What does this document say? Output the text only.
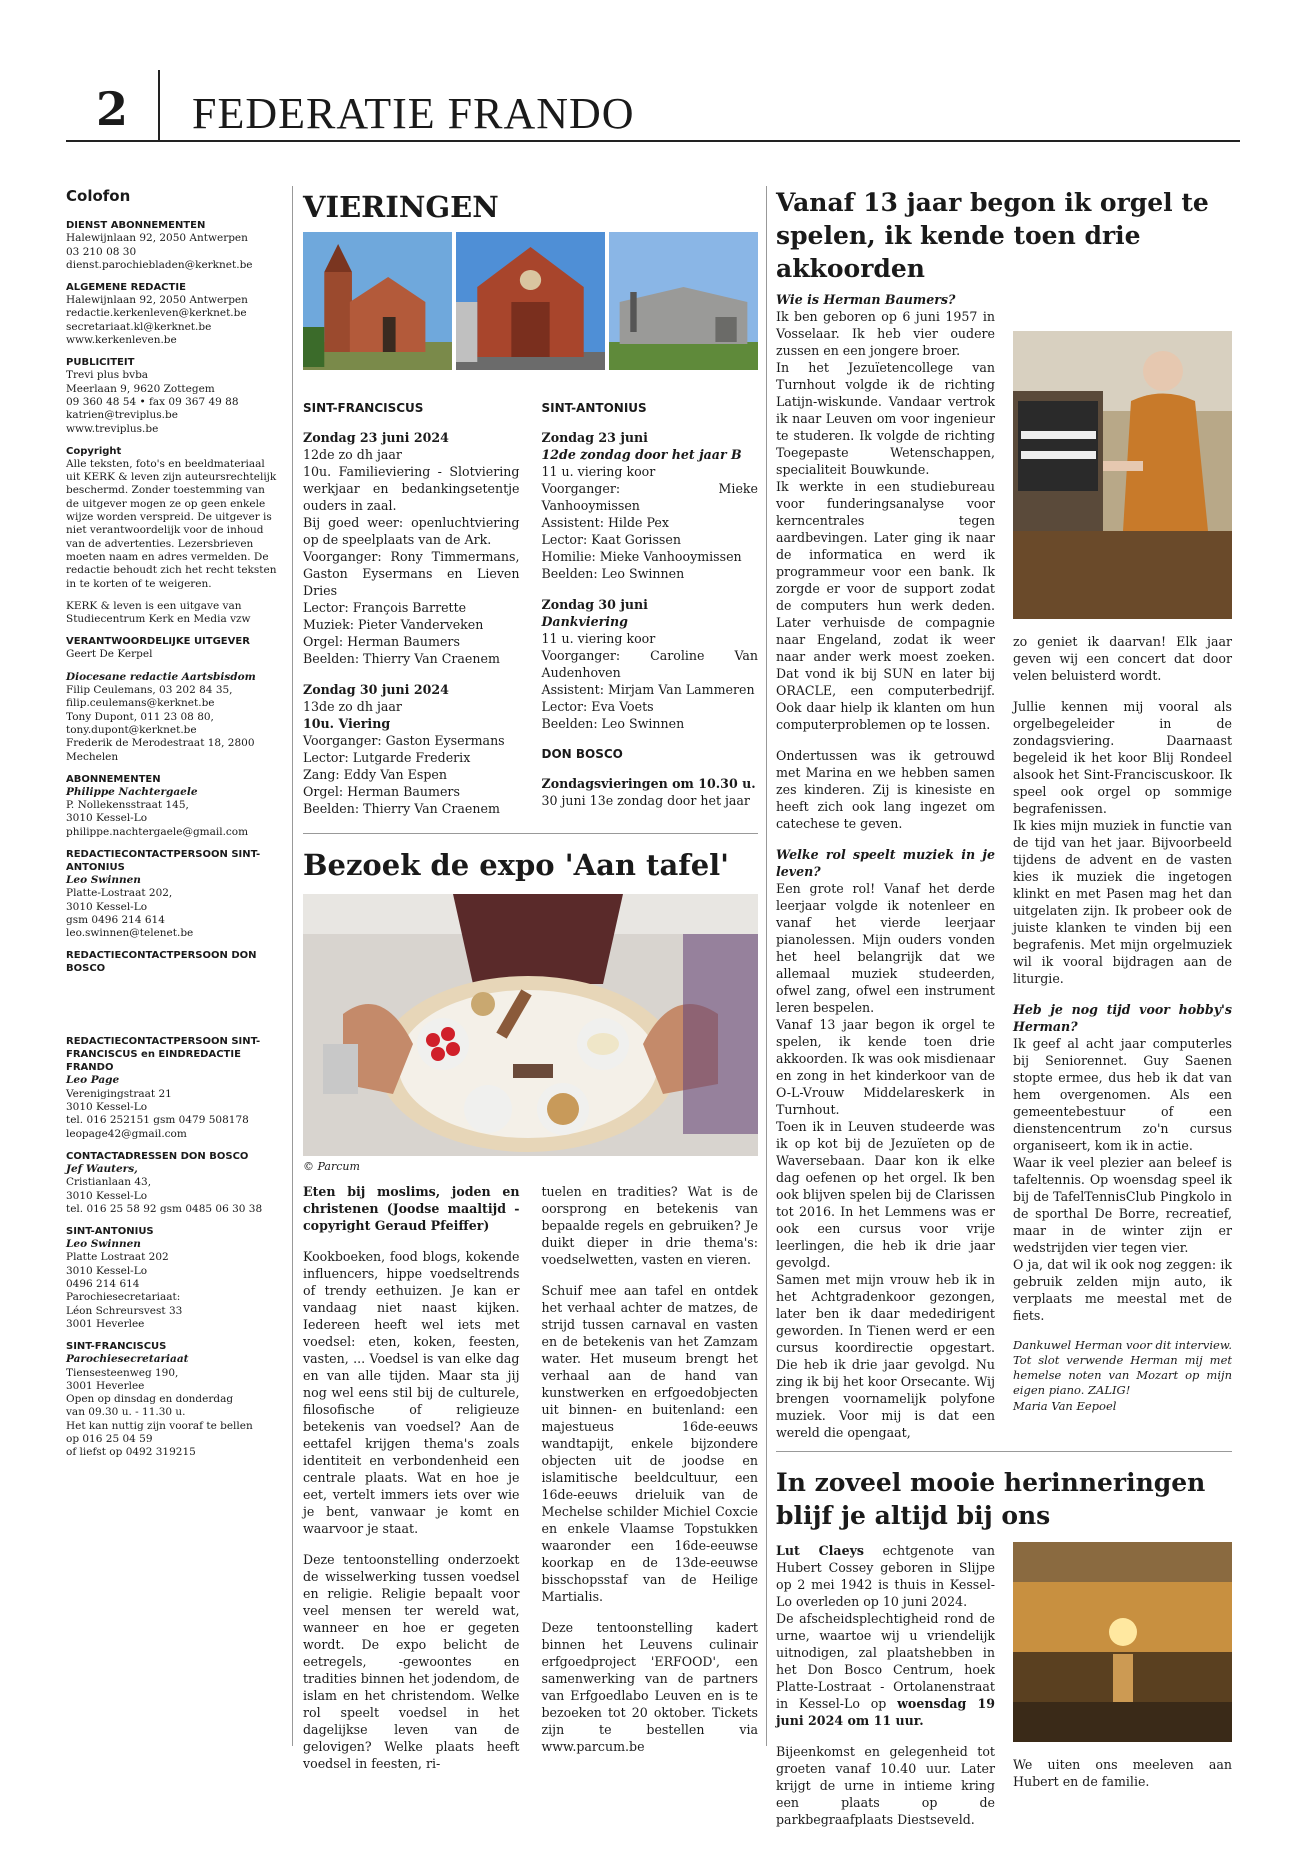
2 FEDERATIE FRANDO
Colofon
DIENST ABONNEMENTEN
Halewijnlaan 92, 2050 Antwerpen
03 210 08 30
dienst.parochiebladen@kerknet.be
ALGEMENE REDACTIE
Halewijnlaan 92, 2050 Antwerpen
redactie.kerkenleven@kerknet.be
secretariaat.kl@kerknet.be
www.kerkenleven.be
PUBLICITEIT
Trevi plus bvba
Meerlaan 9, 9620 Zottegem
09 360 48 54 • fax 09 367 49 88
katrien@treviplus.be
www.treviplus.be
Copyright
Alle teksten, foto's en beeldmateriaal uit KERK & leven zijn auteursrechtelijk beschermd. Zonder toestemming van de uitgever mogen ze op geen enkele wijze worden verspreid. De uitgever is niet verantwoordelijk voor de inhoud van de advertenties. Lezersbrieven moeten naam en adres vermelden. De redactie behoudt zich het recht teksten in te korten of te weigeren.
KERK & leven is een uitgave van Studiecentrum Kerk en Media vzw
VERANTWOORDELIJKE UITGEVER
Geert De Kerpel
Diocesane redactie Aartsbisdom
Filip Ceulemans, 03 202 84 35,
filip.ceulemans@kerknet.be
Tony Dupont, 011 23 08 80,
tony.dupont@kerknet.be
Frederik de Merodestraat 18, 2800 Mechelen
ABONNEMENTEN
Philippe Nachtergaele
P. Nollekensstraat 145,
3010 Kessel-Lo
philippe.nachtergaele@gmail.com
REDACTIECONTACTPERSOON SINT-ANTONIUS
Leo Swinnen
Platte-Lostraat 202,
3010 Kessel-Lo
gsm 0496 214 614
leo.swinnen@telenet.be
REDACTIECONTACTPERSOON DON BOSCO
REDACTIECONTACTPERSOON SINT-FRANCISCUS en EINDREDACTIE FRANDO
Leo Page
Verenigingstraat 21
3010 Kessel-Lo
tel. 016 252151 gsm 0479 508178
leopage42@gmail.com
CONTACTADRESSEN DON BOSCO
Jef Wauters,
Cristianlaan 43,
3010 Kessel-Lo
tel. 016 25 58 92 gsm 0485 06 30 38
SINT-ANTONIUS
Leo Swinnen
Platte Lostraat 202
3010 Kessel-Lo
0496 214 614
Parochiesecretariaat:
Léon Schreursvest 33
3001 Heverlee
SINT-FRANCISCUS
Parochiesecretariaat
Tiensesteenweg 190,
3001 Heverlee
Open op dinsdag en donderdag
van 09.30 u. - 11.30 u.
Het kan nuttig zijn vooraf te bellen
op 016 25 04 59
of liefst op 0492 319215
VIERINGEN
SINT-FRANCISCUS
Zondag 23 juni 2024
12de zo dh jaar
10u. Familieviering - Slotviering werkjaar en bedankingsetentje ouders in zaal.
Bij goed weer: openluchtviering op de speelplaats van de Ark.
Voorganger: Rony Timmermans, Gaston Eysermans en Lieven Dries
Lector: François Barrette
Muziek: Pieter Vanderveken
Orgel: Herman Baumers
Beelden: Thierry Van Craenem
Zondag 30 juni 2024
13de zo dh jaar
10u. Viering
Voorganger: Gaston Eysermans
Lector: Lutgarde Frederix
Zang: Eddy Van Espen
Orgel: Herman Baumers
Beelden: Thierry Van Craenem
SINT-ANTONIUS
Zondag 23 juni
12de zondag door het jaar B
11 u. viering koor
Voorganger: Mieke Vanhooymissen
Assistent: Hilde Pex
Lector: Kaat Gorissen
Homilie: Mieke Vanhooymissen
Beelden: Leo Swinnen
Zondag 30 juni
Dankviering
11 u. viering koor
Voorganger: Caroline Van Audenhoven
Assistent: Mirjam Van Lammeren
Lector: Eva Voets
Beelden: Leo Swinnen
DON BOSCO
Zondagsvieringen om 10.30 u.
30 juni 13e zondag door het jaar
Bezoek de expo 'Aan tafel'
© Parcum
Eten bij moslims, joden en christenen (Joodse maaltijd - copyright Geraud Pfeiffer)
Kookboeken, food blogs, kokende influencers, hippe voedseltrends of trendy eethuizen. Je kan er vandaag niet naast kijken. Iedereen heeft wel iets met voedsel: eten, koken, feesten, vasten, ... Voedsel is van elke dag en van alle tijden. Maar sta jij nog wel eens stil bij de culturele, filosofische of religieuze betekenis van voedsel? Aan de eettafel krijgen thema's zoals identiteit en verbondenheid een centrale plaats. Wat en hoe je eet, vertelt immers iets over wie je bent, vanwaar je komt en waarvoor je staat.
Deze tentoonstelling onderzoekt de wisselwerking tussen voedsel en religie. Religie bepaalt voor veel mensen ter wereld wat, wanneer en hoe er gegeten wordt. De expo belicht de eetregels, -gewoontes en tradities binnen het jodendom, de islam en het christendom. Welke rol speelt voedsel in het dagelijkse leven van de gelovigen? Welke plaats heeft voedsel in feesten, ri-
tuelen en tradities? Wat is de oorsprong en betekenis van bepaalde regels en gebruiken? Je duikt dieper in drie thema's: voedselwetten, vasten en vieren.
Schuif mee aan tafel en ontdek het verhaal achter de matzes, de strijd tussen carnaval en vasten en de betekenis van het Zamzam water. Het museum brengt het verhaal aan de hand van kunstwerken en erfgoedobjecten uit binnen- en buitenland: een majestueus 16de-eeuws wandtapijt, enkele bijzondere objecten uit de joodse en islamitische beeldcultuur, een 16de-eeuws drieluik van de Mechelse schilder Michiel Coxcie en enkele Vlaamse Topstukken waaronder een 16de-eeuwse koorkap en de 13de-eeuwse bisschopsstaf van de Heilige Martialis.
Deze tentoonstelling kadert binnen het Leuvens culinair erfgoedproject 'ERFOOD', een samenwerking van de partners van Erfgoedlabo Leuven en is te bezoeken tot 20 oktober. Tickets zijn te bestellen via www.parcum.be
Vanaf 13 jaar begon ik orgel te spelen, ik kende toen drie akkoorden
Wie is Herman Baumers?
Ik ben geboren op 6 juni 1957 in Vosselaar. Ik heb vier oudere zussen en een jongere broer.
In het Jezuïetencollege van Turnhout volgde ik de richting Latijn-wiskunde. Vandaar vertrok ik naar Leuven om voor ingenieur te studeren. Ik volgde de richting Toegepaste Wetenschappen, specialiteit Bouwkunde.
Ik werkte in een studiebureau voor funderingsanalyse voor kerncentrales tegen aardbevingen. Later ging ik naar de informatica en werd ik programmeur voor een bank. Ik zorgde er voor de support zodat de computers hun werk deden. Later verhuisde de compagnie naar Engeland, zodat ik weer naar ander werk moest zoeken. Dat vond ik bij SUN en later bij ORACLE, een computerbedrijf. Ook daar hielp ik klanten om hun computerproblemen op te lossen.
Ondertussen was ik getrouwd met Marina en we hebben samen zes kinderen. Zij is kinesiste en heeft zich ook lang ingezet om catechese te geven.
Welke rol speelt muziek in je leven?
Een grote rol! Vanaf het derde leerjaar volgde ik notenleer en vanaf het vierde leerjaar pianolessen. Mijn ouders vonden het heel belangrijk dat we allemaal muziek studeerden, ofwel zang, ofwel een instrument leren bespelen.
Vanaf 13 jaar begon ik orgel te spelen, ik kende toen drie akkoorden. Ik was ook misdienaar en zong in het kinderkoor van de O-L-Vrouw Middelareskerk in Turnhout.
Toen ik in Leuven studeerde was ik op kot bij de Jezuïeten op de Waversebaan. Daar kon ik elke dag oefenen op het orgel. Ik ben ook blijven spelen bij de Clarissen tot 2016. In het Lemmens was er ook een cursus voor vrije leerlingen, die heb ik drie jaar gevolgd.
Samen met mijn vrouw heb ik in het Achtgradenkoor gezongen, later ben ik daar mededirigent geworden. In Tienen werd er een cursus koordirectie opgestart. Die heb ik drie jaar gevolgd. Nu zing ik bij het koor Orsecante. Wij brengen voornamelijk polyfone muziek. Voor mij is dat een wereld die opengaat,
zo geniet ik daarvan! Elk jaar geven wij een concert dat door velen beluisterd wordt.
Jullie kennen mij vooral als orgelbegeleider in de zondagsviering. Daarnaast begeleid ik het koor Blij Rondeel alsook het Sint-Franciscuskoor. Ik speel ook orgel op sommige begrafenissen.
Ik kies mijn muziek in functie van de tijd van het jaar. Bijvoorbeeld tijdens de advent en de vasten kies ik muziek die ingetogen klinkt en met Pasen mag het dan uitgelaten zijn. Ik probeer ook de juiste klanken te vinden bij een begrafenis. Met mijn orgelmuziek wil ik vooral bijdragen aan de liturgie.
Heb je nog tijd voor hobby's Herman?
Ik geef al acht jaar computerles bij Seniorennet. Guy Saenen stopte ermee, dus heb ik dat van hem overgenomen. Als een gemeentebestuur of een dienstencentrum zo'n cursus organiseert, kom ik in actie.
Waar ik veel plezier aan beleef is tafeltennis. Op woensdag speel ik bij de TafelTennisClub Pingkolo in de sporthal De Borre, recreatief, maar in de winter zijn er wedstrijden vier tegen vier.
O ja, dat wil ik ook nog zeggen: ik gebruik zelden mijn auto, ik verplaats me meestal met de fiets.
Dankuwel Herman voor dit interview. Tot slot verwende Herman mij met hemelse noten van Mozart op mijn eigen piano. ZALIG!
Maria Van Eepoel
In zoveel mooie herinneringen blijf je altijd bij ons
Lut Claeys echtgenote van Hubert Cossey geboren in Slijpe op 2 mei 1942 is thuis in Kessel-Lo overleden op 10 juni 2024.
De afscheidsplechtigheid rond de urne, waartoe wij u vriendelijk uitnodigen, zal plaatshebben in het Don Bosco Centrum, hoek Platte-Lostraat - Ortolanenstraat in Kessel-Lo op woensdag 19 juni 2024 om 11 uur.
Bijeenkomst en gelegenheid tot groeten vanaf 10.40 uur. Later krijgt de urne in intieme kring een plaats op de parkbegraafplaats Diestseveld.
We uiten ons meeleven aan Hubert en de familie.
